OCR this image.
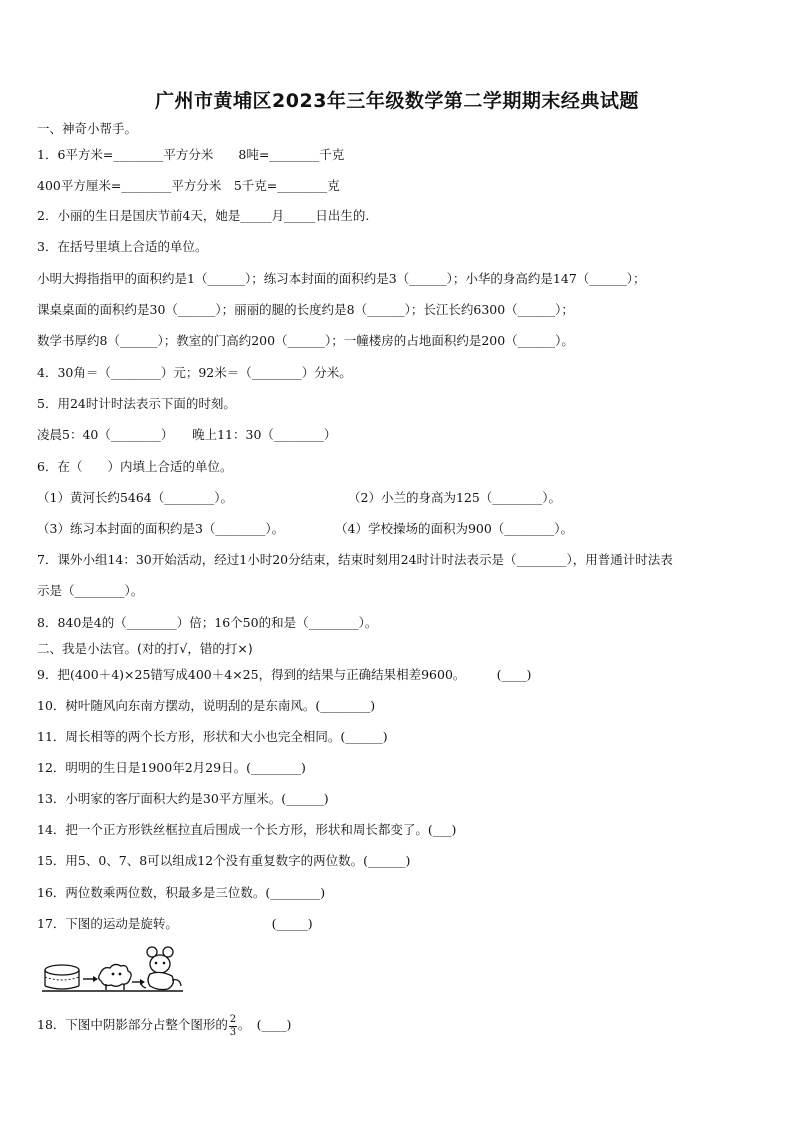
广州市黄埔区2023年三年级数学第二学期期末经典试题
一、神奇小帮手。
1．6平方米=________平方分米　　8吨=________千克
400平方厘米=________平方分米　5千克=________克
2．小丽的生日是国庆节前4天，她是_____月_____日出生的.
3．在括号里填上合适的单位。
小明大拇指指甲的面积约是1（______）；练习本封面的面积约是3（______）；小华的身高约是147（______）；
课桌桌面的面积约是30（______）；丽丽的腿的长度约是8（______）；长江长约6300（______）；
数学书厚约8（______）；教室的门高约200（______）；一幢楼房的占地面积约是200（______）。
4．30角＝（________）元；92米＝（________）分米。
5．用24时计时法表示下面的时刻。
凌晨5：40（________）　　晚上11：30（________）
6．在（　　）内填上合适的单位。
（1）黄河长约5464（________）。	（2）小兰的身高为125（________）。
（3）练习本封面的面积约是3（________）。	（4）学校操场的面积为900（________）。
7．课外小组14：30开始活动，经过1小时20分结束，结束时刻用24时计时法表示是（________），用普通计时法表
示是（________）。
8．840是4的（________）倍；16个50的和是（________）。
二、我是小法官。(对的打√，错的打×)
9．把(400＋4)×25错写成400＋4×25，得到的结果与正确结果相差9600。　　　(____)
10．树叶随风向东南方摆动，说明刮的是东南风。(________)
11．周长相等的两个长方形，形状和大小也完全相同。(______)
12．明明的生日是1900年2月29日。(________)
13．小明家的客厅面积大约是30平方厘米。(______)
14．把一个正方形铁丝框拉直后围成一个长方形，形状和周长都变了。(___)
15．用5、0、7、8可以组成12个没有重复数字的两位数。(______)
16．两位数乘两位数，积最多是三位数。(________)
17．下图的运动是旋转。　　　　　　　　(_____)
18．下图中阴影部分占整个图形的 $\frac{2}{3}$ 。　(____)
